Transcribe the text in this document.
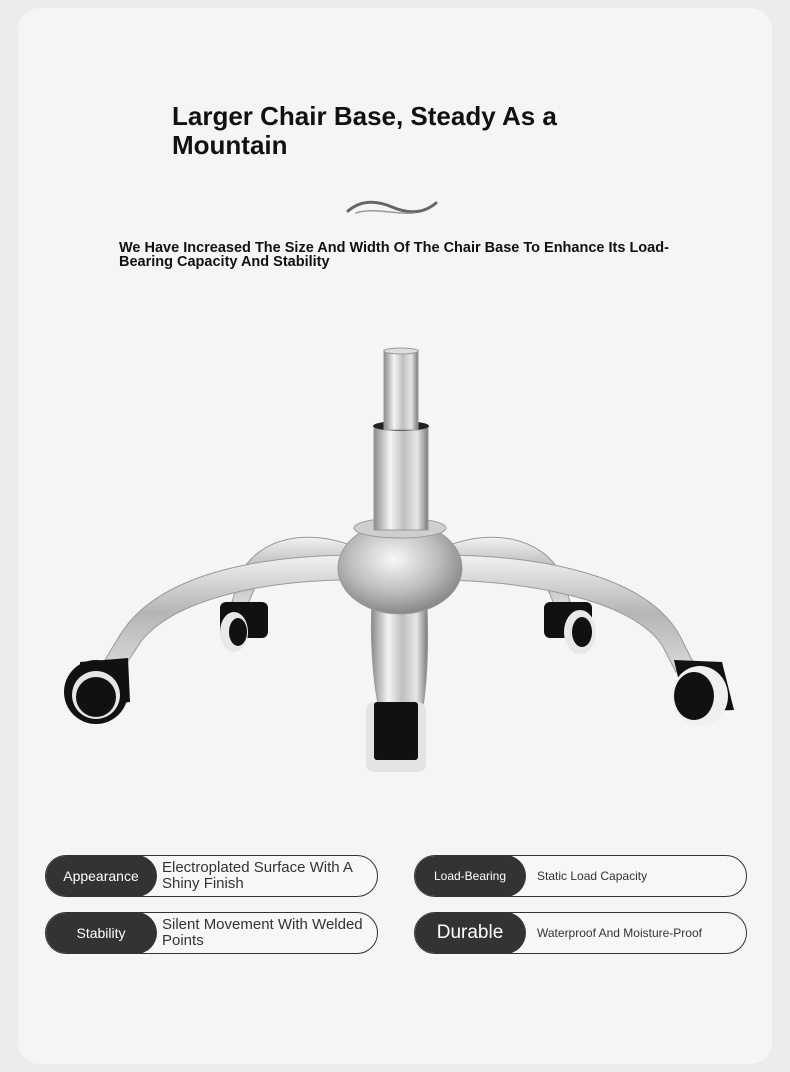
Larger Chair Base, Steady As a Mountain

We Have Increased The Size And Width Of The Chair Base To Enhance Its Load-Bearing Capacity And Stability

Appearance	Electroplated Surface With A Shiny Finish	Load-Bearing	Static Load Capacity
Stability	Silent Movement With Welded Points	Durable	Waterproof And Moisture-Proof
